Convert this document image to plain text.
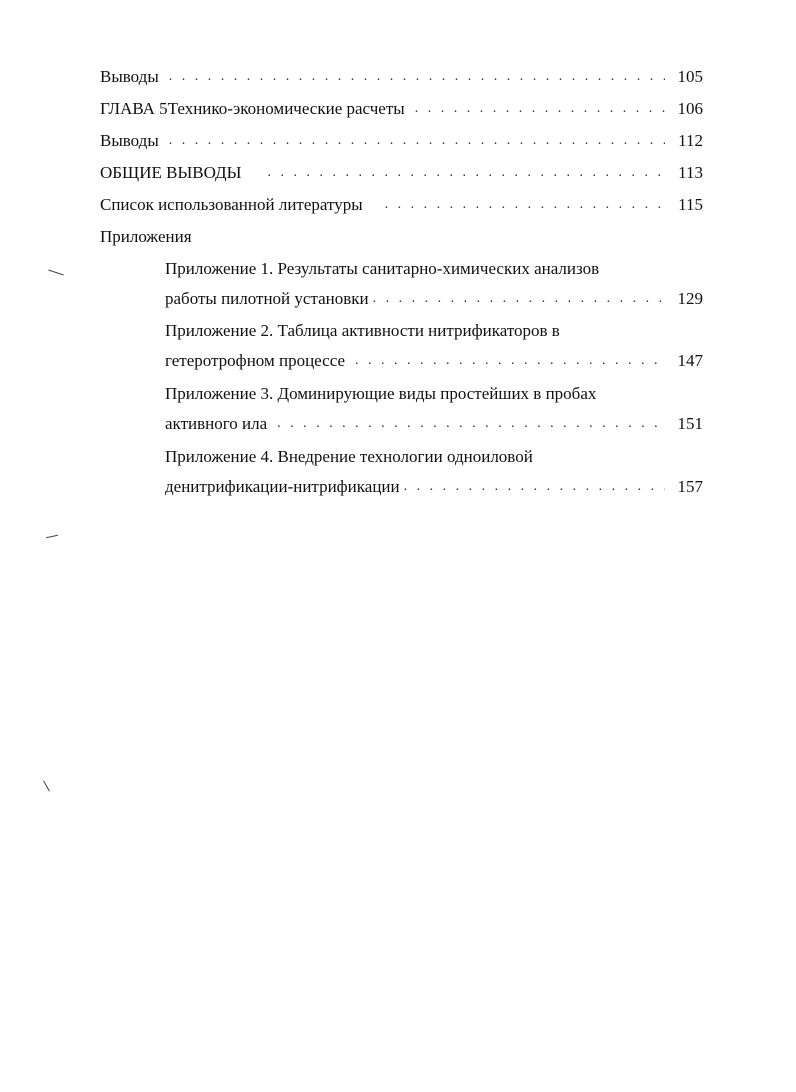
Выводы . . .	105
ГЛАВА 5 Технико-экономические расчеты . . .	106
Выводы . . .	112
ОБЩИЕ ВЫВОДЫ . . .	113
Список использованной литературы . . .	115
Приложения
Приложение 1. Результаты санитарно-химических анализов
работы пилотной установки . . .	129
Приложение 2. Таблица активности нитрификаторов в
гетеротрофном процессе . . .	147
Приложение 3. Доминирующие виды простейших в пробах
активного ила . . .	151
Приложение 4. Внедрение технологии одноиловой
денитрификации-нитрификации . . .	157
